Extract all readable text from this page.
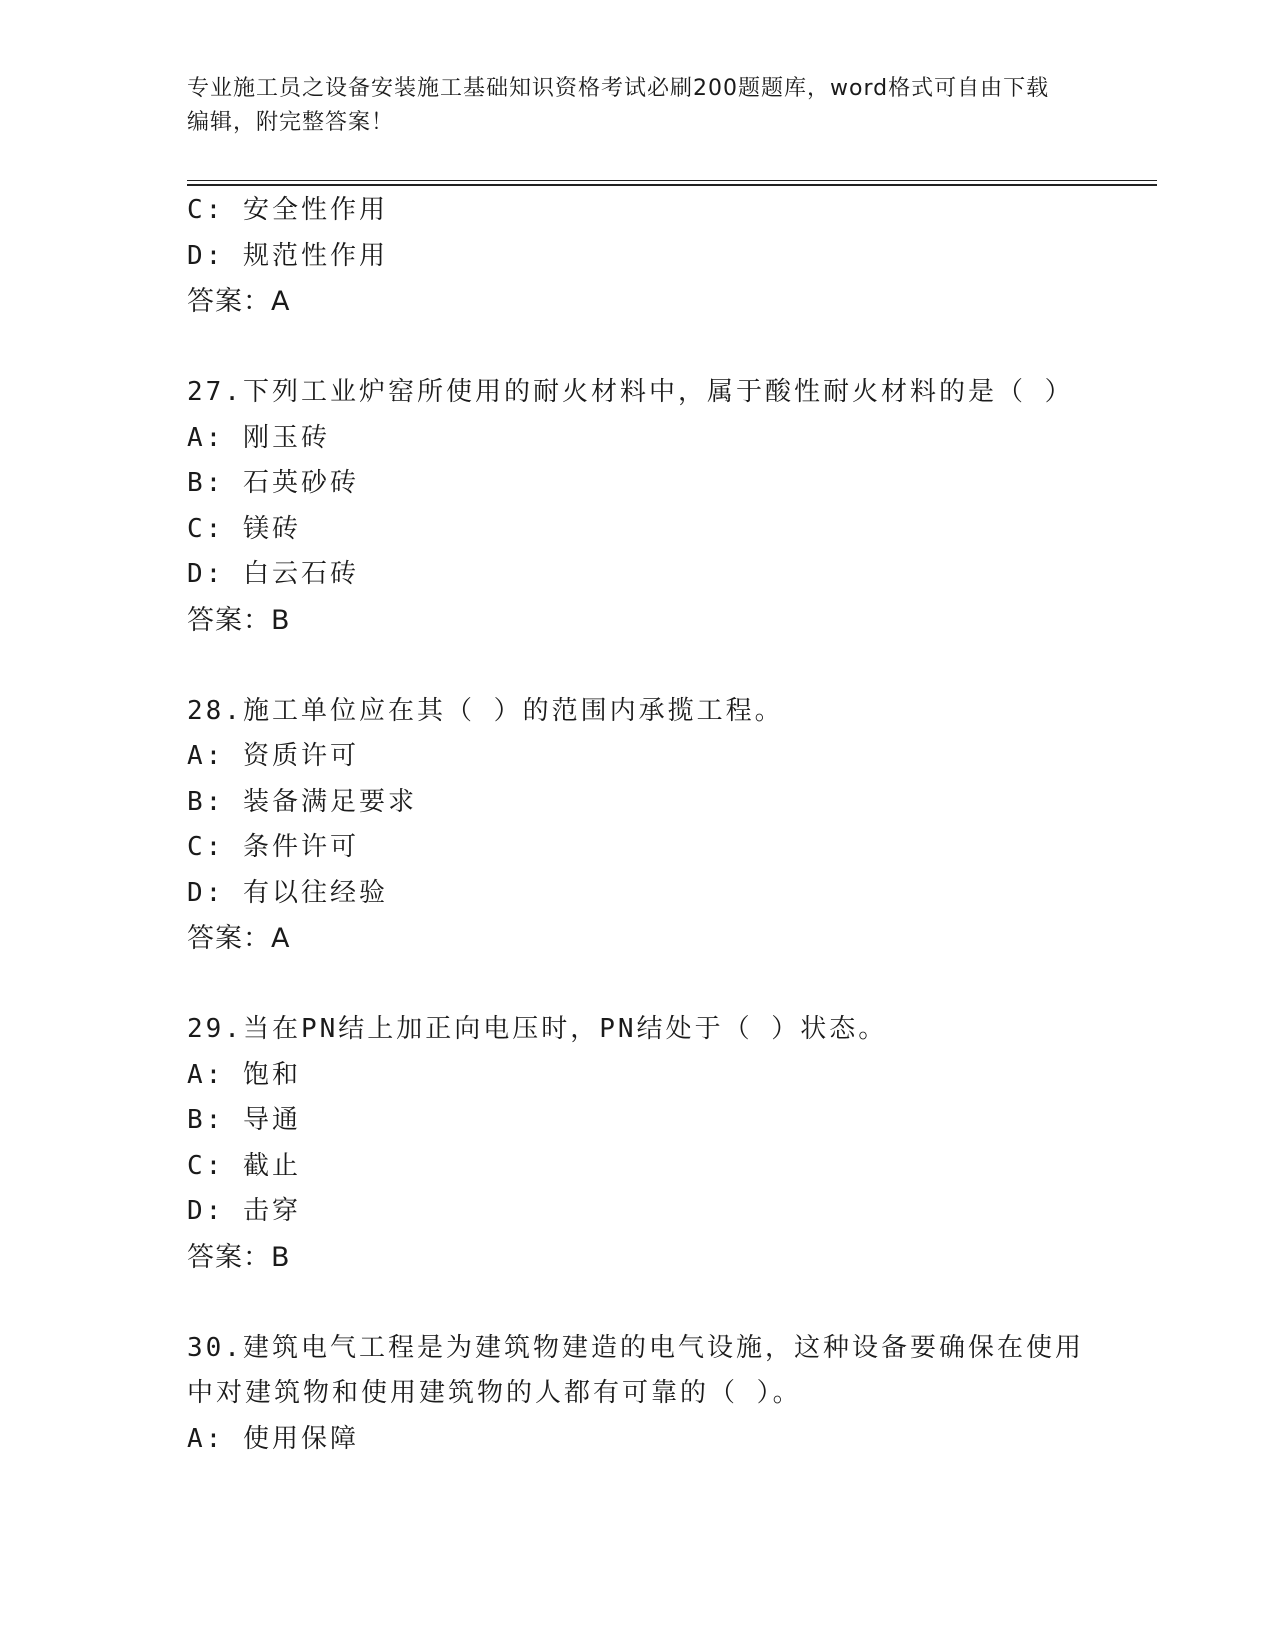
专业施工员之设备安装施工基础知识资格考试必刷200题题库，word格式可自由下载编辑，附完整答案！
C: 安全性作用
D: 规范性作用
答案：A
27.下列工业炉窑所使用的耐火材料中，属于酸性耐火材料的是（ ）
A: 刚玉砖
B: 石英砂砖
C: 镁砖
D: 白云石砖
答案：B
28.施工单位应在其（ ）的范围内承揽工程。
A: 资质许可
B: 装备满足要求
C: 条件许可
D: 有以往经验
答案：A
29.当在PN结上加正向电压时，PN结处于（ ）状态。
A: 饱和
B: 导通
C: 截止
D: 击穿
答案：B
30.建筑电气工程是为建筑物建造的电气设施，这种设备要确保在使用
中对建筑物和使用建筑物的人都有可靠的（ ）。
A: 使用保障
